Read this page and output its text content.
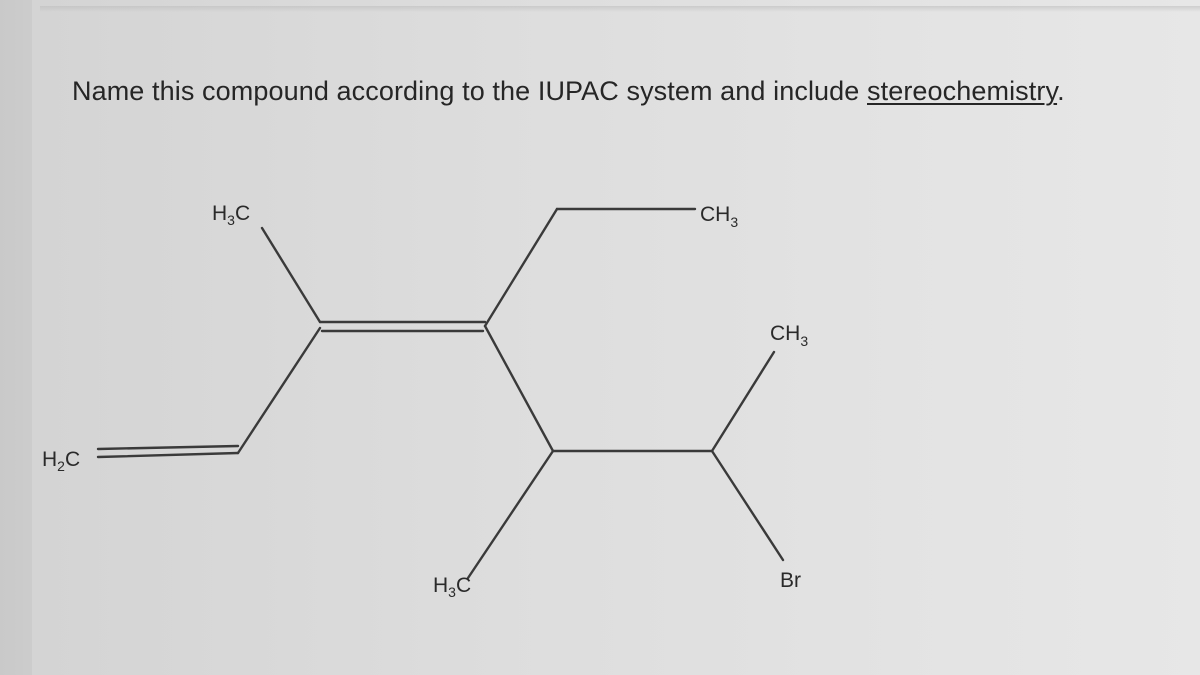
Name this compound according to the IUPAC system and include stereochemistry.
$H_3C$	$CH_3$
$CH_3$
$H_2C$
$H_3C$	Br
